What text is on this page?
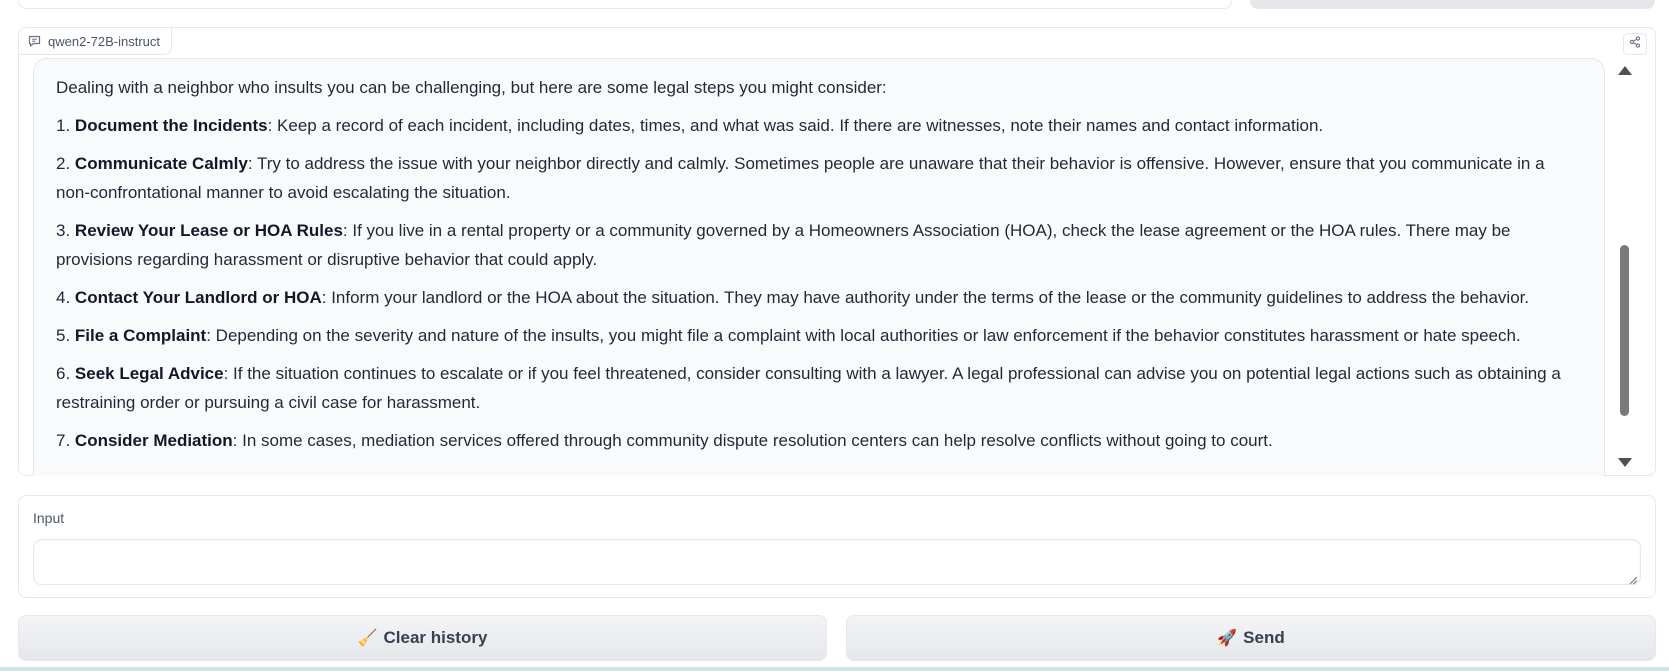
qwen2-72B-instruct

Dealing with a neighbor who insults you can be challenging, but here are some legal steps you might consider:

1. Document the Incidents: Keep a record of each incident, including dates, times, and what was said. If there are witnesses, note their names and contact information.

2. Communicate Calmly: Try to address the issue with your neighbor directly and calmly. Sometimes people are unaware that their behavior is offensive. However, ensure that you communicate in a non-confrontational manner to avoid escalating the situation.

3. Review Your Lease or HOA Rules: If you live in a rental property or a community governed by a Homeowners Association (HOA), check the lease agreement or the HOA rules. There may be provisions regarding harassment or disruptive behavior that could apply.

4. Contact Your Landlord or HOA: Inform your landlord or the HOA about the situation. They may have authority under the terms of the lease or the community guidelines to address the behavior.

5. File a Complaint: Depending on the severity and nature of the insults, you might file a complaint with local authorities or law enforcement if the behavior constitutes harassment or hate speech.

6. Seek Legal Advice: If the situation continues to escalate or if you feel threatened, consider consulting with a lawyer. A legal professional can advise you on potential legal actions such as obtaining a restraining order or pursuing a civil case for harassment.

7. Consider Mediation: In some cases, mediation services offered through community dispute resolution centers can help resolve conflicts without going to court.

Input
🧹 Clear history	🚀 Send
